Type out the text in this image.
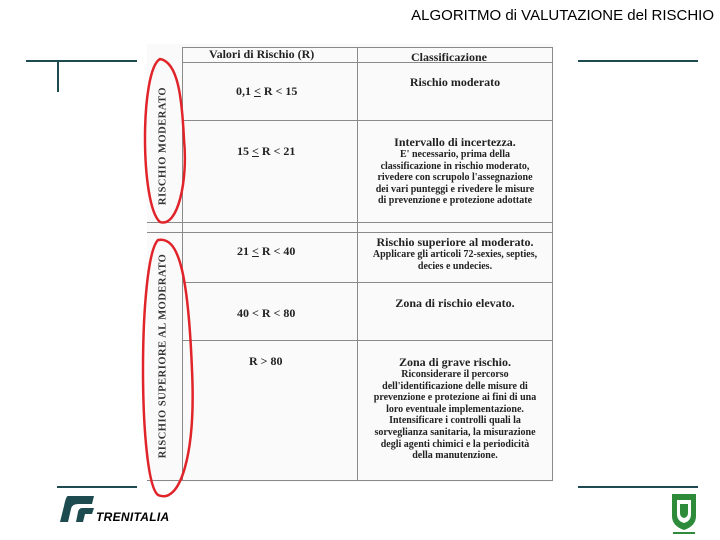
ALGORITMO di VALUTAZIONE del RISCHIO
Valori di Rischio (R)	Classificazione
RISCHIO MODERATO
RISCHIO SUPERIORE AL MODERATO
0,1 < R < 15
Rischio moderato
15 < R < 21
Intervallo di incertezza.
E' necessario, prima della
classificazione in rischio moderato,
rivedere con scrupolo l'assegnazione
dei vari punteggi e rivedere le misure
di prevenzione e protezione adottate
21 < R < 40
Rischio superiore al moderato.
Applicare gli articoli 72-sexies, septies,
decies e undecies.
40 < R < 80
Zona di rischio elevato.
R > 80	Zona di grave rischio.
Riconsiderare il percorso
dell'identificazione delle misure di
prevenzione e protezione ai fini di una
loro eventuale implementazione.
Intensificare i controlli quali la
sorveglianza sanitaria, la misurazione
degli agenti chimici e la periodicità
della manutenzione.
TRENITALIA
